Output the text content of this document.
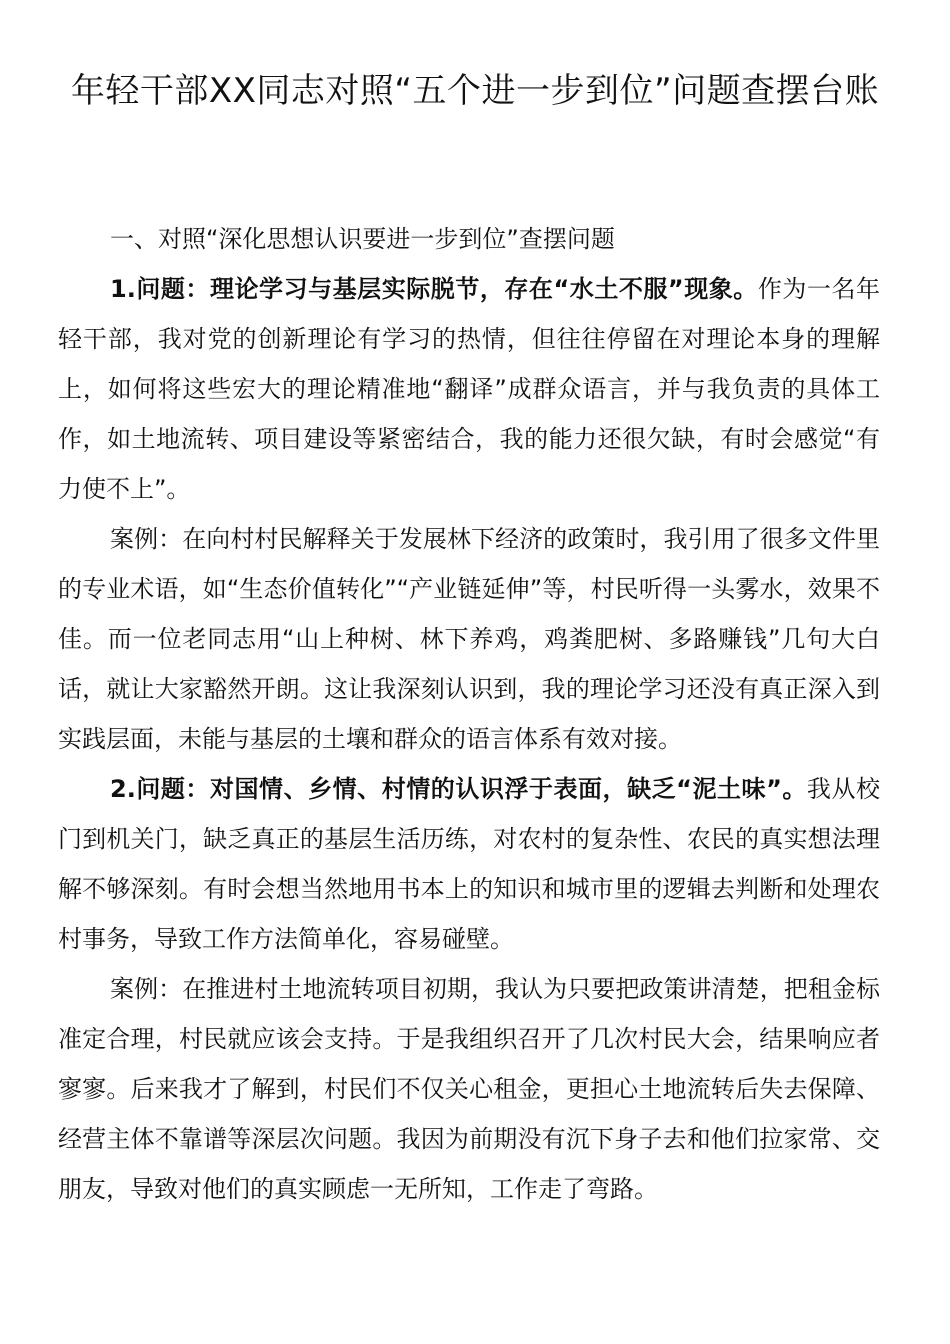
年轻干部XX同志对照“五个进一步到位”问题查摆台账

一、对照“深化思想认识要进一步到位”查摆问题

1.问题：理论学习与基层实际脱节，存在“水土不服”现象。作为一名年轻干部，我对党的创新理论有学习的热情，但往往停留在对理论本身的理解上，如何将这些宏大的理论精准地“翻译”成群众语言，并与我负责的具体工作，如土地流转、项目建设等紧密结合，我的能力还很欠缺，有时会感觉“有力使不上”。

案例：在向村村民解释关于发展林下经济的政策时，我引用了很多文件里的专业术语，如“生态价值转化”“产业链延伸”等，村民听得一头雾水，效果不佳。而一位老同志用“山上种树、林下养鸡，鸡粪肥树、多路赚钱”几句大白话，就让大家豁然开朗。这让我深刻认识到，我的理论学习还没有真正深入到实践层面，未能与基层的土壤和群众的语言体系有效对接。

2.问题：对国情、乡情、村情的认识浮于表面，缺乏“泥土味”。我从校门到机关门，缺乏真正的基层生活历练，对农村的复杂性、农民的真实想法理解不够深刻。有时会想当然地用书本上的知识和城市里的逻辑去判断和处理农村事务，导致工作方法简单化，容易碰壁。

案例：在推进村土地流转项目初期，我认为只要把政策讲清楚，把租金标准定合理，村民就应该会支持。于是我组织召开了几次村民大会，结果响应者寥寥。后来我才了解到，村民们不仅关心租金，更担心土地流转后失去保障、经营主体不靠谱等深层次问题。我因为前期没有沉下身子去和他们拉家常、交朋友，导致对他们的真实顾虑一无所知，工作走了弯路。
